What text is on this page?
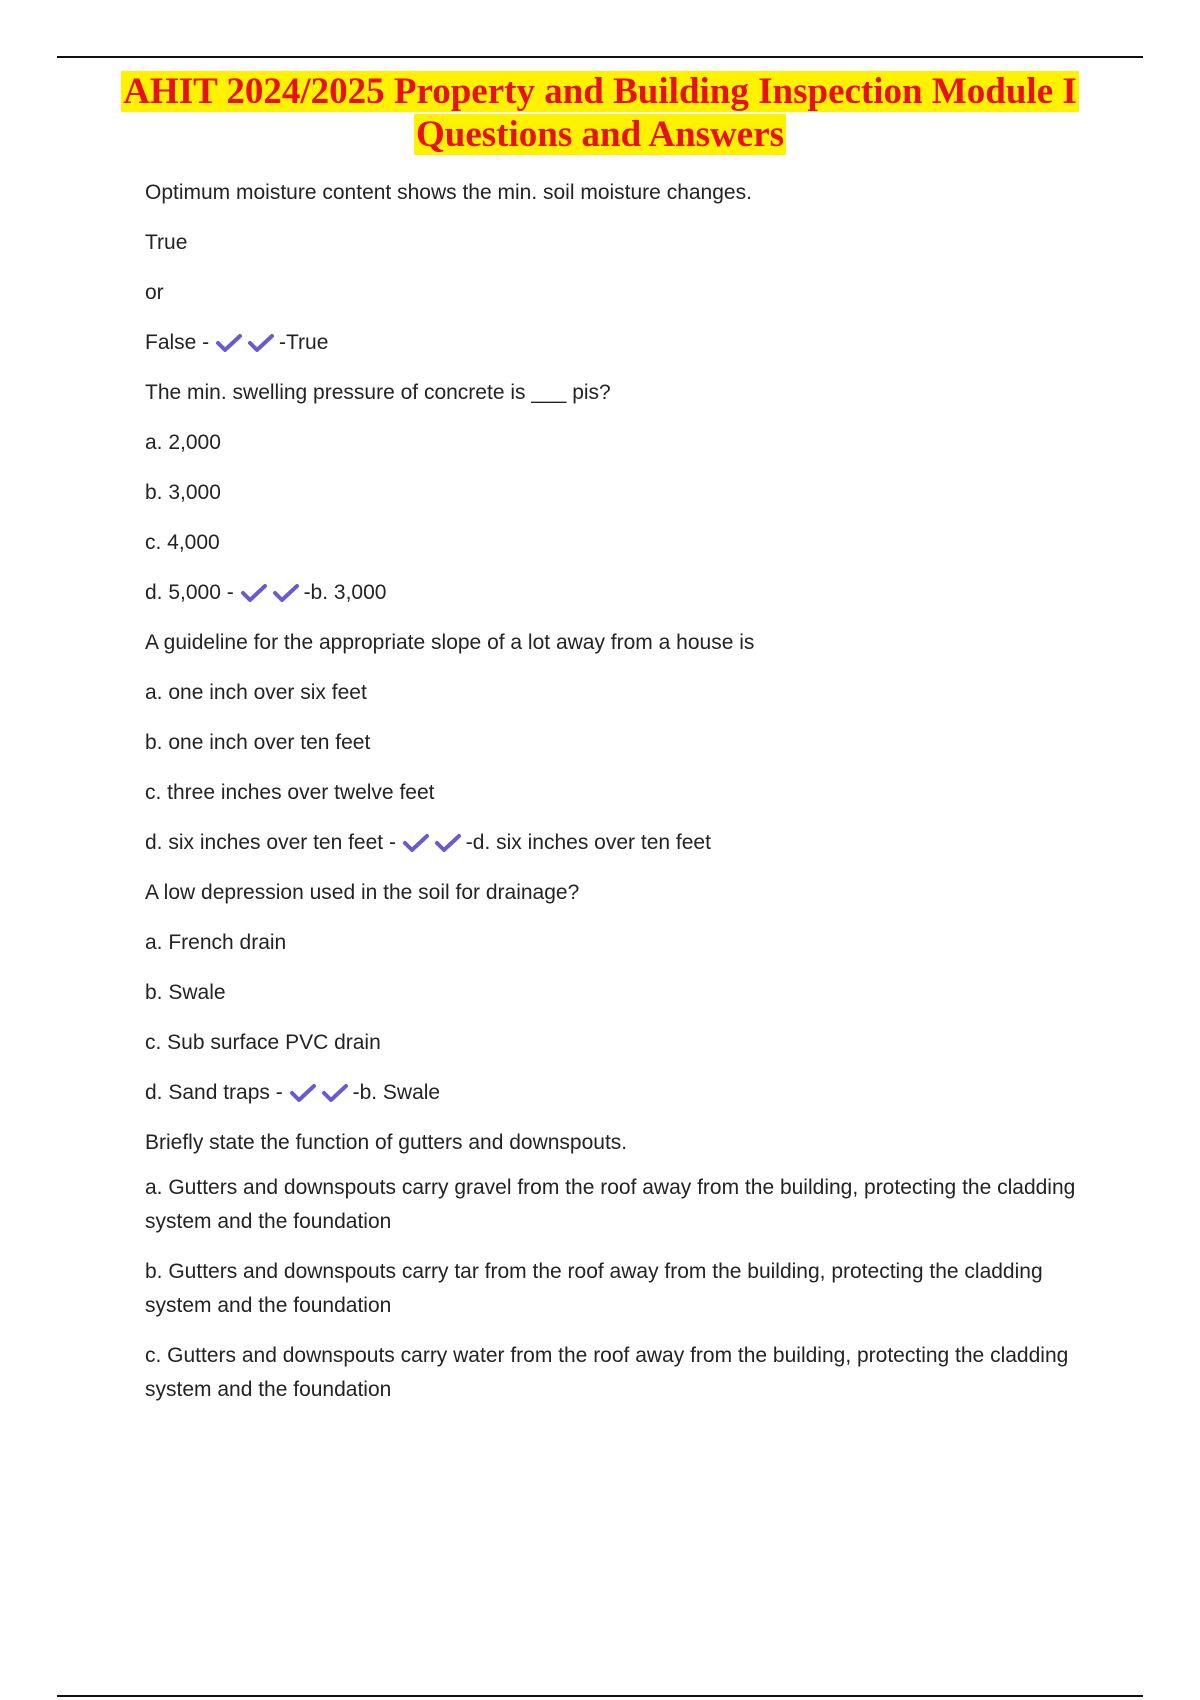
AHIT 2024/2025 Property and Building Inspection Module I
Questions and Answers

Optimum moisture content shows the min. soil moisture changes.

True

or

False -	-True

The min. swelling pressure of concrete is ___ pis?

a. 2,000

b. 3,000

c. 4,000

d. 5,000 -	-b. 3,000

A guideline for the appropriate slope of a lot away from a house is

a. one inch over six feet

b. one inch over ten feet

c. three inches over twelve feet

d. six inches over ten feet -	-d. six inches over ten feet

A low depression used in the soil for drainage?

a. French drain

b. Swale

c. Sub surface PVC drain

d. Sand traps -	-b. Swale

Briefly state the function of gutters and downspouts.

a. Gutters and downspouts carry gravel from the roof away from the building, protecting the cladding system and the foundation

b. Gutters and downspouts carry tar from the roof away from the building, protecting the cladding system and the foundation

c. Gutters and downspouts carry water from the roof away from the building, protecting the cladding system and the foundation
